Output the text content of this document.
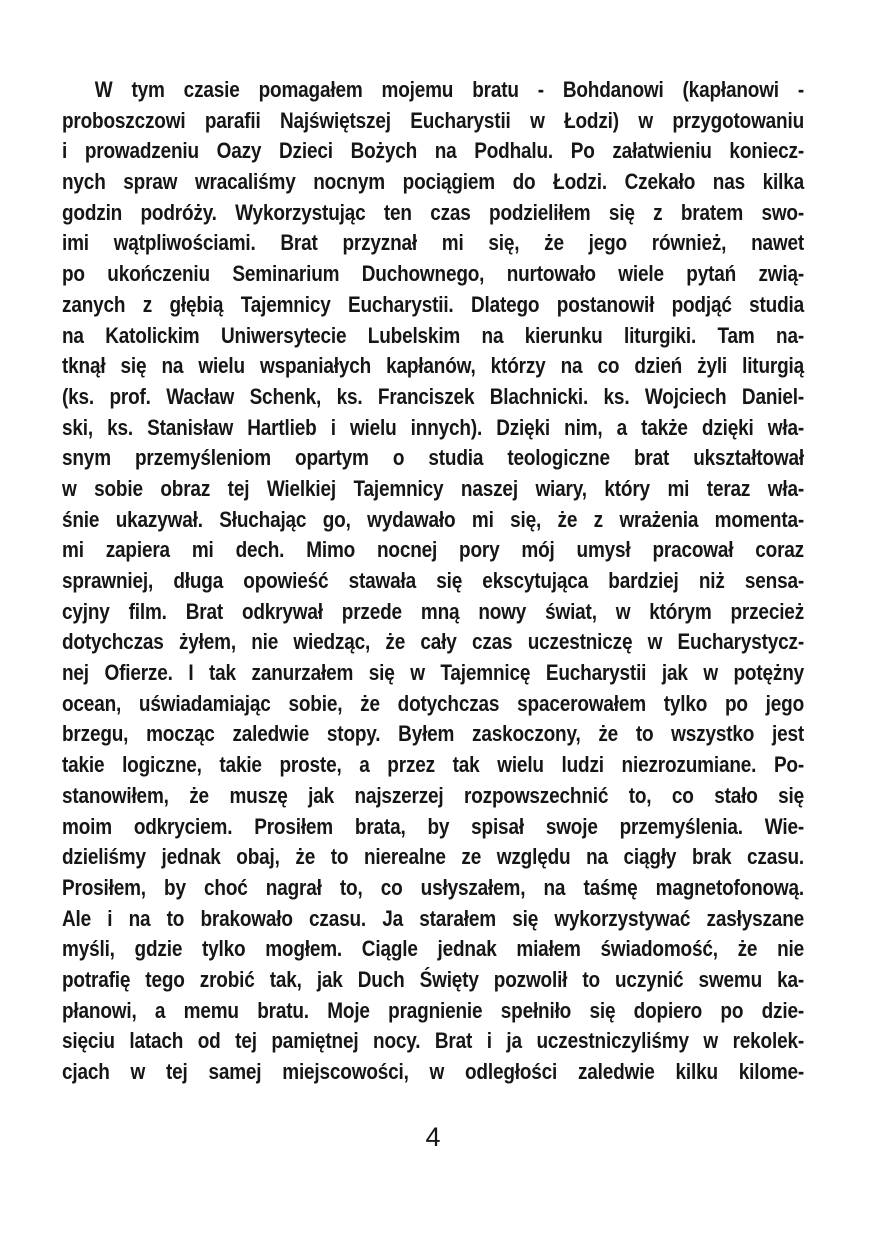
W tym czasie pomagałem mojemu bratu - Bohdanowi (kapłanowi -
proboszczowi parafii Najświętszej Eucharystii w Łodzi) w przygotowaniu
i prowadzeniu Oazy Dzieci Bożych na Podhalu. Po załatwieniu koniecz-
nych spraw wracaliśmy nocnym pociągiem do Łodzi. Czekało nas kilka
godzin podróży. Wykorzystując ten czas podzieliłem się z bratem swo-
imi wątpliwościami. Brat przyznał mi się, że jego również, nawet
po ukończeniu Seminarium Duchownego, nurtowało wiele pytań zwią-
zanych z głębią Tajemnicy Eucharystii. Dlatego postanowił podjąć studia
na Katolickim Uniwersytecie Lubelskim na kierunku liturgiki. Tam na-
tknął się na wielu wspaniałych kapłanów, którzy na co dzień żyli liturgią
(ks. prof. Wacław Schenk, ks. Franciszek Blachnicki. ks. Wojciech Daniel-
ski, ks. Stanisław Hartlieb i wielu innych). Dzięki nim, a także dzięki wła-
snym przemyśleniom opartym o studia teologiczne brat ukształtował
w sobie obraz tej Wielkiej Tajemnicy naszej wiary, który mi teraz wła-
śnie ukazywał. Słuchając go, wydawało mi się, że z wrażenia momenta-
mi zapiera mi dech. Mimo nocnej pory mój umysł pracował coraz
sprawniej, długa opowieść stawała się ekscytująca bardziej niż sensa-
cyjny film. Brat odkrywał przede mną nowy świat, w którym przecież
dotychczas żyłem, nie wiedząc, że cały czas uczestniczę w Eucharystycz-
nej Ofierze. I tak zanurzałem się w Tajemnicę Eucharystii jak w potężny
ocean, uświadamiając sobie, że dotychczas spacerowałem tylko po jego
brzegu, mocząc zaledwie stopy. Byłem zaskoczony, że to wszystko jest
takie logiczne, takie proste, a przez tak wielu ludzi niezrozumiane. Po-
stanowiłem, że muszę jak najszerzej rozpowszechnić to, co stało się
moim odkryciem. Prosiłem brata, by spisał swoje przemyślenia. Wie-
dzieliśmy jednak obaj, że to nierealne ze względu na ciągły brak czasu.
Prosiłem, by choć nagrał to, co usłyszałem, na taśmę magnetofonową.
Ale i na to brakowało czasu. Ja starałem się wykorzystywać zasłyszane
myśli, gdzie tylko mogłem. Ciągle jednak miałem świadomość, że nie
potrafię tego zrobić tak, jak Duch Święty pozwolił to uczynić swemu ka-
płanowi, a memu bratu. Moje pragnienie spełniło się dopiero po dzie-
sięciu latach od tej pamiętnej nocy. Brat i ja uczestniczyliśmy w rekolek-
cjach w tej samej miejscowości, w odległości zaledwie kilku kilome-
4
